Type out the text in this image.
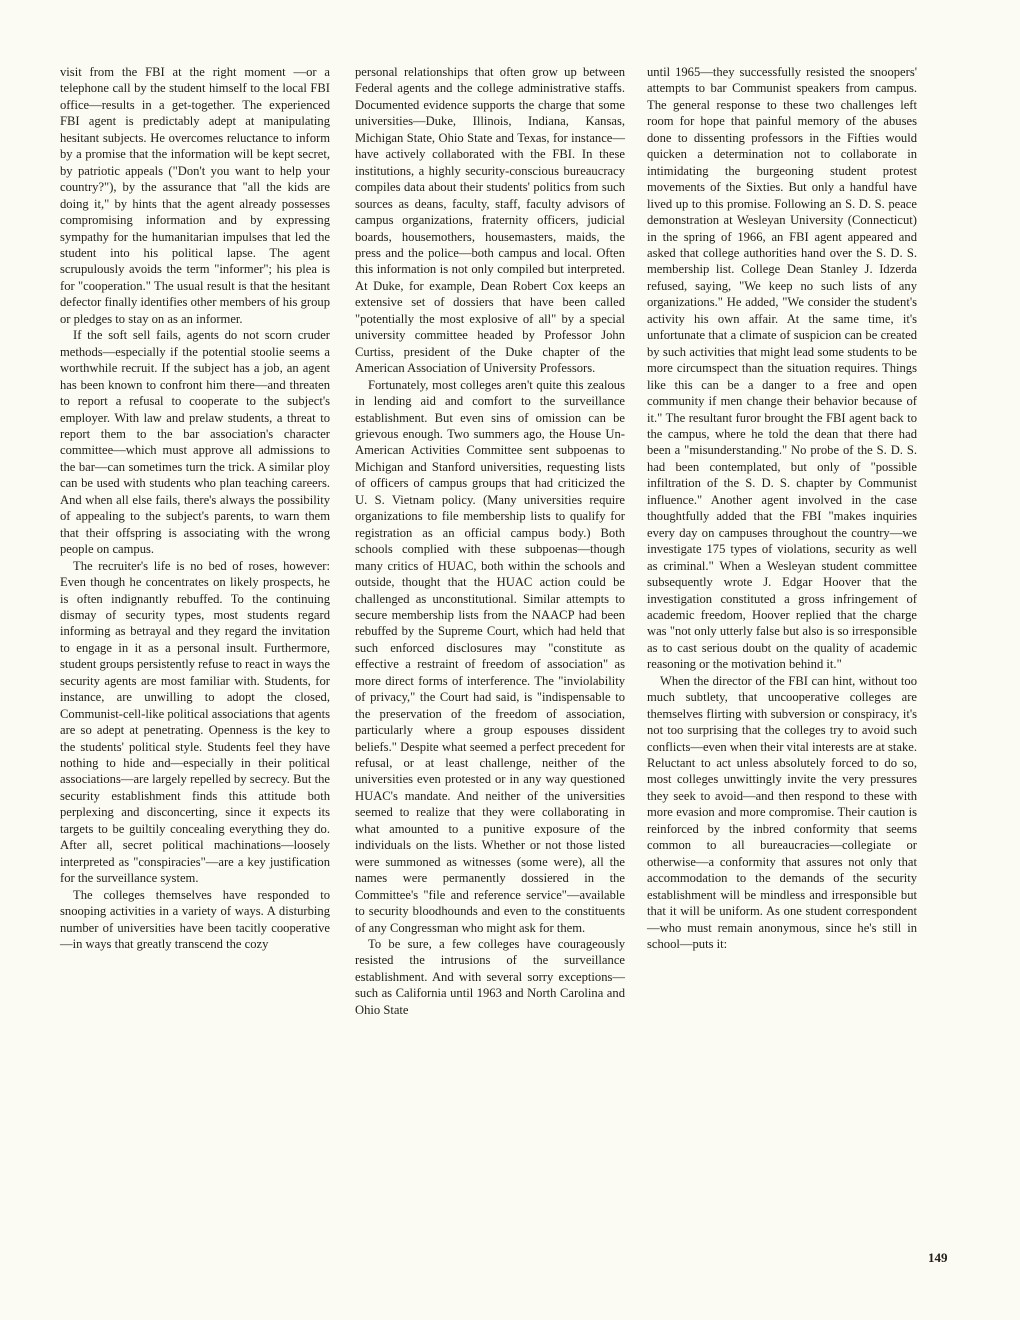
visit from the FBI at the right moment —or a telephone call by the student himself to the local FBI office—results in a get-together. The experienced FBI agent is predictably adept at manipulating hesitant subjects. He overcomes reluctance to inform by a promise that the information will be kept secret, by patriotic appeals ("Don't you want to help your country?"), by the assurance that "all the kids are doing it," by hints that the agent already possesses compromising information and by expressing sympathy for the humanitarian impulses that led the student into his political lapse. The agent scrupulously avoids the term "informer"; his plea is for "cooperation." The usual result is that the hesitant defector finally identifies other members of his group or pledges to stay on as an informer.

If the soft sell fails, agents do not scorn cruder methods—especially if the potential stoolie seems a worthwhile recruit. If the subject has a job, an agent has been known to confront him there—and threaten to report a refusal to cooperate to the subject's employer. With law and prelaw students, a threat to report them to the bar association's character committee—which must approve all admissions to the bar—can sometimes turn the trick. A similar ploy can be used with students who plan teaching careers. And when all else fails, there's always the possibility of appealing to the subject's parents, to warn them that their offspring is associating with the wrong people on campus.

The recruiter's life is no bed of roses, however: Even though he concentrates on likely prospects, he is often indignantly rebuffed. To the continuing dismay of security types, most students regard informing as betrayal and they regard the invitation to engage in it as a personal insult. Furthermore, student groups persistently refuse to react in ways the security agents are most familiar with. Students, for instance, are unwilling to adopt the closed, Communist-cell-like political associations that agents are so adept at penetrating. Openness is the key to the students' political style. Students feel they have nothing to hide and—especially in their political associations—are largely repelled by secrecy. But the security establishment finds this attitude both perplexing and disconcerting, since it expects its targets to be guiltily concealing everything they do. After all, secret political machinations—loosely interpreted as "conspiracies"—are a key justification for the surveillance system.

The colleges themselves have responded to snooping activities in a variety of ways. A disturbing number of universities have been tacitly cooperative—in ways that greatly transcend the cozy

personal relationships that often grow up between Federal agents and the college administrative staffs. Documented evidence supports the charge that some universities—Duke, Illinois, Indiana, Kansas, Michigan State, Ohio State and Texas, for instance—have actively collaborated with the FBI. In these institutions, a highly security-conscious bureaucracy compiles data about their students' politics from such sources as deans, faculty, staff, faculty advisors of campus organizations, fraternity officers, judicial boards, housemothers, housemasters, maids, the press and the police—both campus and local. Often this information is not only compiled but interpreted. At Duke, for example, Dean Robert Cox keeps an extensive set of dossiers that have been called "potentially the most explosive of all" by a special university committee headed by Professor John Curtiss, president of the Duke chapter of the American Association of University Professors.

Fortunately, most colleges aren't quite this zealous in lending aid and comfort to the surveillance establishment. But even sins of omission can be grievous enough. Two summers ago, the House Un-American Activities Committee sent subpoenas to Michigan and Stanford universities, requesting lists of officers of campus groups that had criticized the U. S. Vietnam policy. (Many universities require organizations to file membership lists to qualify for registration as an official campus body.) Both schools complied with these subpoenas—though many critics of HUAC, both within the schools and outside, thought that the HUAC action could be challenged as unconstitutional. Similar attempts to secure membership lists from the NAACP had been rebuffed by the Supreme Court, which had held that such enforced disclosures may "constitute as effective a restraint of freedom of association" as more direct forms of interference. The "inviolability of privacy," the Court had said, is "indispensable to the preservation of the freedom of association, particularly where a group espouses dissident beliefs." Despite what seemed a perfect precedent for refusal, or at least challenge, neither of the universities even protested or in any way questioned HUAC's mandate. And neither of the universities seemed to realize that they were collaborating in what amounted to a punitive exposure of the individuals on the lists. Whether or not those listed were summoned as witnesses (some were), all the names were permanently dossiered in the Committee's "file and reference service"—available to security bloodhounds and even to the constituents of any Congressman who might ask for them.

To be sure, a few colleges have courageously resisted the intrusions of the surveillance establishment. And with several sorry exceptions—such as California until 1963 and North Carolina and Ohio State

until 1965—they successfully resisted the snoopers' attempts to bar Communist speakers from campus. The general response to these two challenges left room for hope that painful memory of the abuses done to dissenting professors in the Fifties would quicken a determination not to collaborate in intimidating the burgeoning student protest movements of the Sixties. But only a handful have lived up to this promise. Following an S. D. S. peace demonstration at Wesleyan University (Connecticut) in the spring of 1966, an FBI agent appeared and asked that college authorities hand over the S. D. S. membership list. College Dean Stanley J. Idzerda refused, saying, "We keep no such lists of any organizations." He added, "We consider the student's activity his own affair. At the same time, it's unfortunate that a climate of suspicion can be created by such activities that might lead some students to be more circumspect than the situation requires. Things like this can be a danger to a free and open community if men change their behavior because of it." The resultant furor brought the FBI agent back to the campus, where he told the dean that there had been a "misunderstanding." No probe of the S. D. S. had been contemplated, but only of "possible infiltration of the S. D. S. chapter by Communist influence." Another agent involved in the case thoughtfully added that the FBI "makes inquiries every day on campuses throughout the country—we investigate 175 types of violations, security as well as criminal." When a Wesleyan student committee subsequently wrote J. Edgar Hoover that the investigation constituted a gross infringement of academic freedom, Hoover replied that the charge was "not only utterly false but also is so irresponsible as to cast serious doubt on the quality of academic reasoning or the motivation behind it."

When the director of the FBI can hint, without too much subtlety, that uncooperative colleges are themselves flirting with subversion or conspiracy, it's not too surprising that the colleges try to avoid such conflicts—even when their vital interests are at stake. Reluctant to act unless absolutely forced to do so, most colleges unwittingly invite the very pressures they seek to avoid—and then respond to these with more evasion and more compromise. Their caution is reinforced by the inbred conformity that seems common to all bureaucracies—collegiate or otherwise—a conformity that assures not only that accommodation to the demands of the security establishment will be mindless and irresponsible but that it will be uniform. As one student correspondent—who must remain anonymous, since he's still in school—puts it:

149
